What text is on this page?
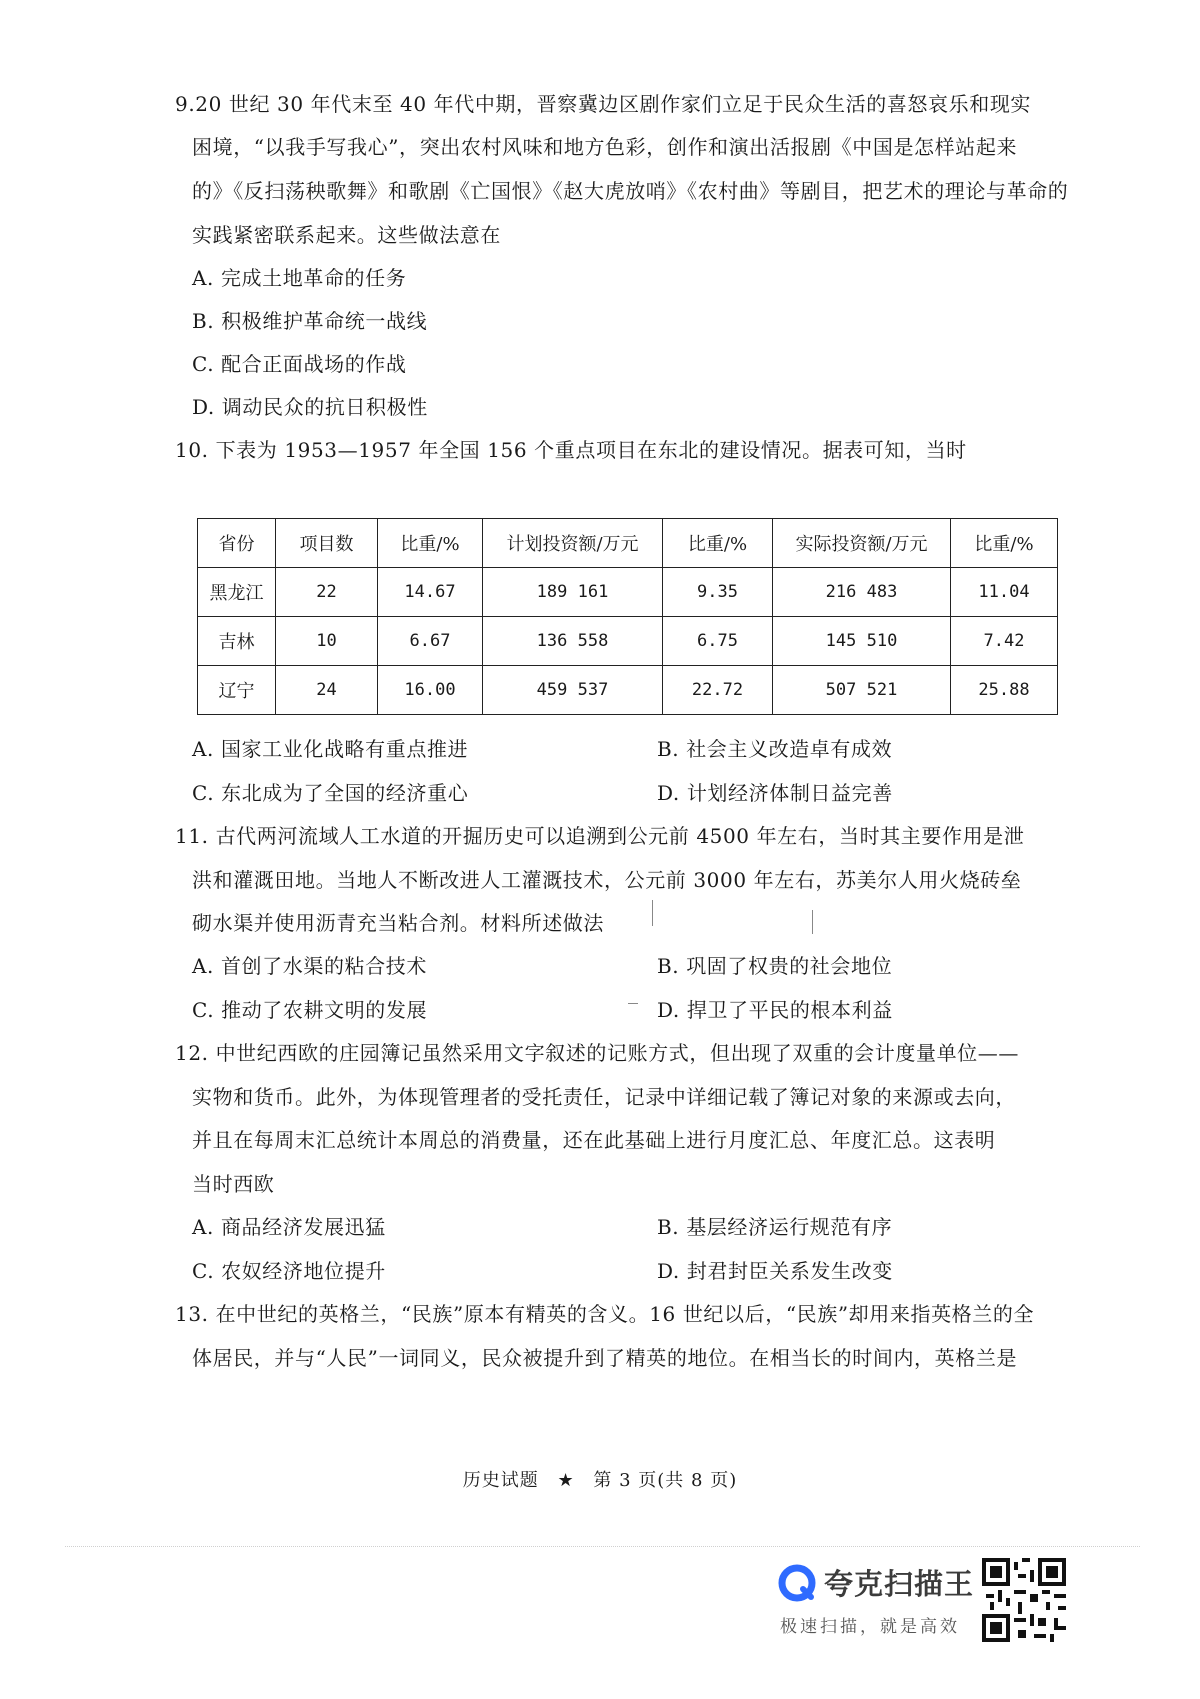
9.20 世纪 30 年代末至 40 年代中期，晋察冀边区剧作家们立足于民众生活的喜怒哀乐和现实
困境，“以我手写我心”，突出农村风味和地方色彩，创作和演出活报剧《中国是怎样站起来
的》《反扫荡秧歌舞》和歌剧《亡国恨》《赵大虎放哨》《农村曲》等剧目，把艺术的理论与革命的
实践紧密联系起来。这些做法意在
A. 完成土地革命的任务
B. 积极维护革命统一战线
C. 配合正面战场的作战
D. 调动民众的抗日积极性
10. 下表为 1953—1957 年全国 156 个重点项目在东北的建设情况。据表可知，当时
省份	项目数	比重/%	计划投资额/万元	比重/%	实际投资额/万元	比重/%
黑龙江	22	14.67	189 161	9.35	216 483	11.04
吉林	10	6.67	136 558	6.75	145 510	7.42
辽宁	24	16.00	459 537	22.72	507 521	25.88
A. 国家工业化战略有重点推进	B. 社会主义改造卓有成效
C. 东北成为了全国的经济重心	D. 计划经济体制日益完善
11. 古代两河流域人工水道的开掘历史可以追溯到公元前 4500 年左右，当时其主要作用是泄
洪和灌溉田地。当地人不断改进人工灌溉技术，公元前 3000 年左右，苏美尔人用火烧砖垒
砌水渠并使用沥青充当粘合剂。材料所述做法
A. 首创了水渠的粘合技术	B. 巩固了权贵的社会地位
C. 推动了农耕文明的发展	D. 捍卫了平民的根本利益
12. 中世纪西欧的庄园簿记虽然采用文字叙述的记账方式，但出现了双重的会计度量单位——
实物和货币。此外，为体现管理者的受托责任，记录中详细记载了簿记对象的来源或去向，
并且在每周末汇总统计本周总的消费量，还在此基础上进行月度汇总、年度汇总。这表明
当时西欧
A. 商品经济发展迅猛	B. 基层经济运行规范有序
C. 农奴经济地位提升	D. 封君封臣关系发生改变
13. 在中世纪的英格兰，“民族”原本有精英的含义。16 世纪以后，“民族”却用来指英格兰的全
体居民，并与“人民”一词同义，民众被提升到了精英的地位。在相当长的时间内，英格兰是
历史试题 ★ 第 3 页(共 8 页)
夸克扫描王
极速扫描，就是高效
